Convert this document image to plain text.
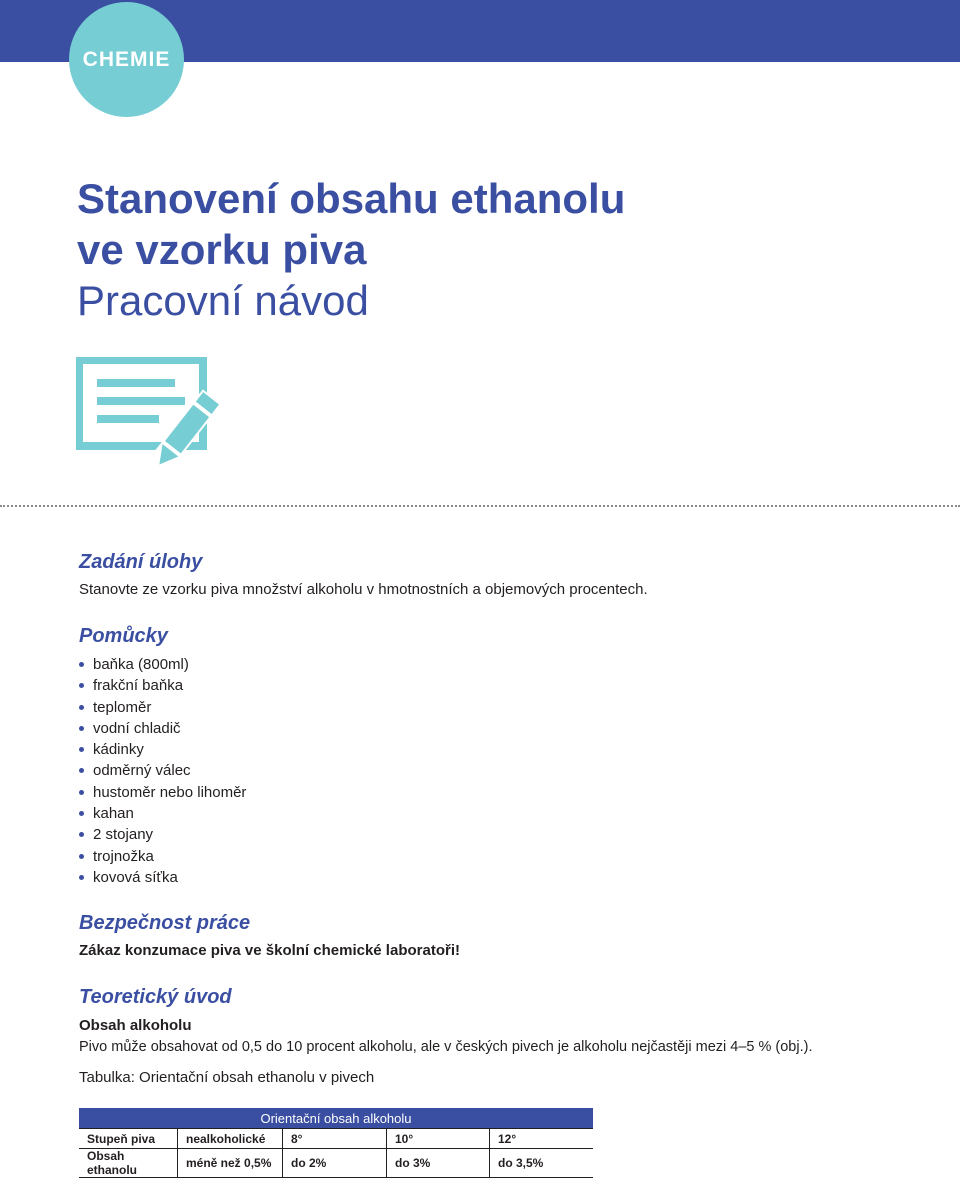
CHEMIE
Stanovení obsahu ethanolu
ve vzorku piva
Pracovní návod
Zadání úlohy
Stanovte ze vzorku piva množství alkoholu v hmotnostních a objemových procentech.
Pomůcky
baňka (800ml)
frakční baňka
teploměr
vodní chladič
kádinky
odměrný válec
hustoměr nebo lihoměr
kahan
2 stojany
trojnožka
kovová síťka
Bezpečnost práce
Zákaz konzumace piva ve školní chemické laboratoři!
Teoretický úvod
Obsah alkoholu
Pivo může obsahovat od 0,5 do 10 procent alkoholu, ale v českých pivech je alkoholu nejčastěji mezi 4–5 % (obj.).
Tabulka: Orientační obsah ethanolu v pivech
Orientační obsah alkoholu				
Stupeň piva	nealkoholické	8°	10°	12°
Obsah ethanolu	méně než 0,5%	do 2%	do 3%	do 3,5%
